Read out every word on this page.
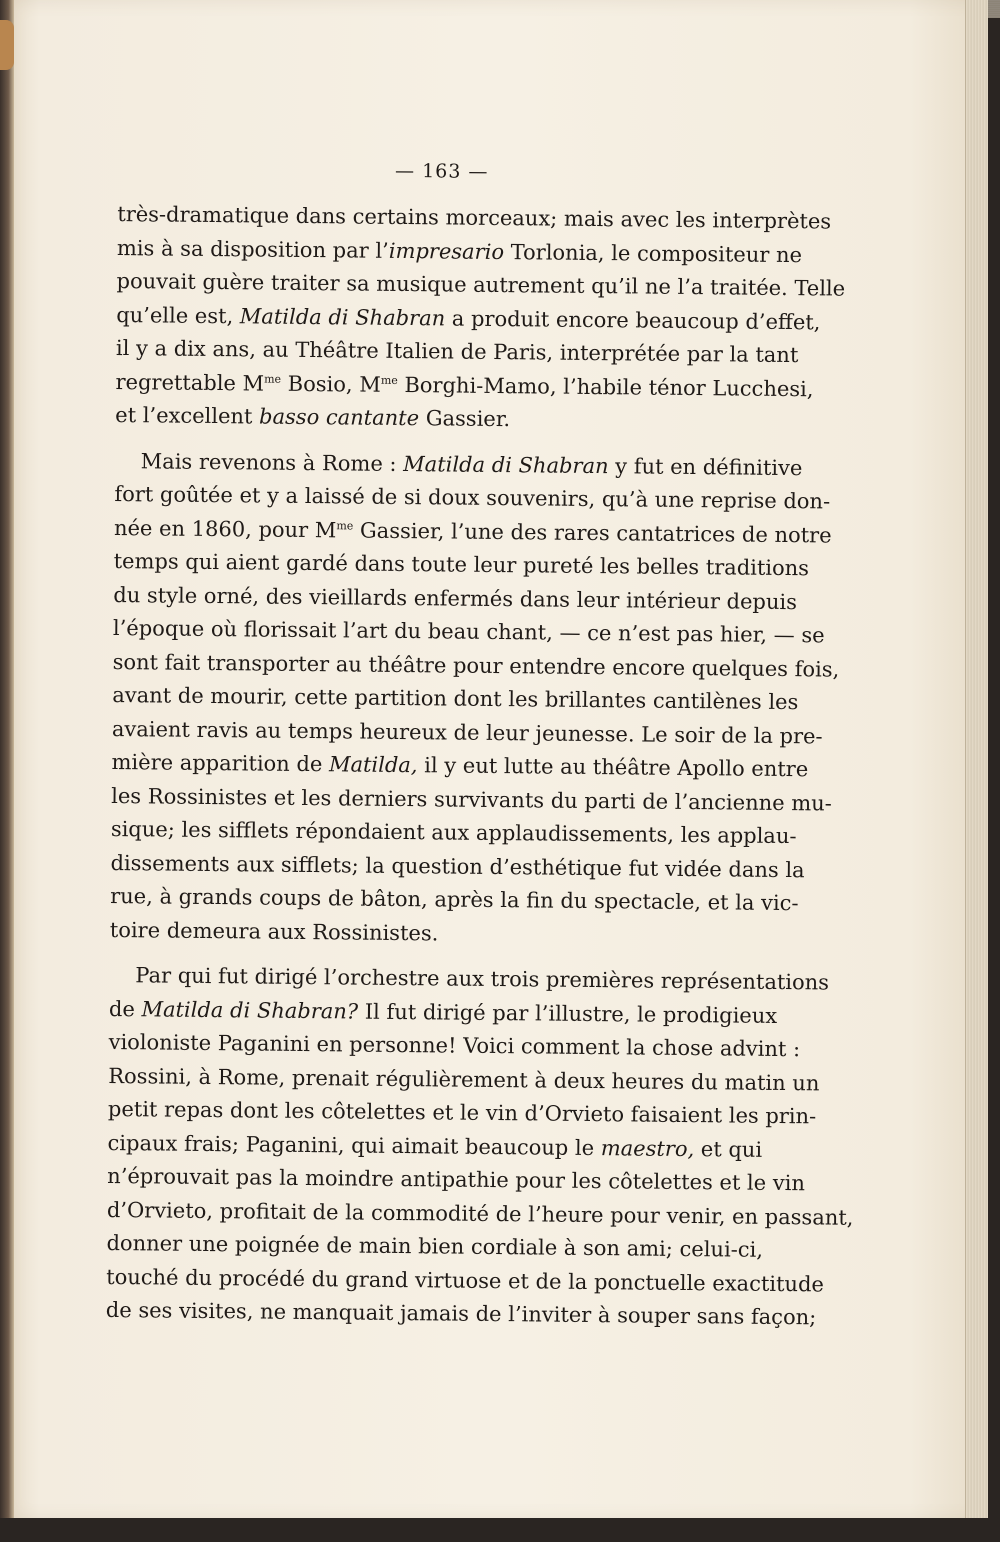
— 163 —
très-dramatique dans certains morceaux; mais avec les interprètes
mis à sa disposition par l’impresario Torlonia, le compositeur ne
pouvait guère traiter sa musique autrement qu’il ne l’a traitée. Telle
qu’elle est, Matilda di Shabran a produit encore beaucoup d’effet,
il y a dix ans, au Théâtre Italien de Paris, interprétée par la tant
regrettable $M^{me}$ Bosio, $M^{me}$ Borghi-Mamo, l’habile ténor Lucchesi,
et l’excellent basso cantante Gassier.
Mais revenons à Rome : Matilda di Shabran y fut en définitive
fort goûtée et y a laissé de si doux souvenirs, qu’à une reprise don-
née en 1860, pour $M^{me}$ Gassier, l’une des rares cantatrices de notre
temps qui aient gardé dans toute leur pureté les belles traditions
du style orné, des vieillards enfermés dans leur intérieur depuis
l’époque où florissait l’art du beau chant, — ce n’est pas hier, — se
sont fait transporter au théâtre pour entendre encore quelques fois,
avant de mourir, cette partition dont les brillantes cantilènes les
avaient ravis au temps heureux de leur jeunesse. Le soir de la pre-
mière apparition de Matilda, il y eut lutte au théâtre Apollo entre
les Rossinistes et les derniers survivants du parti de l’ancienne mu-
sique; les sifflets répondaient aux applaudissements, les applau-
dissements aux sifflets; la question d’esthétique fut vidée dans la
rue, à grands coups de bâton, après la fin du spectacle, et la vic-
toire demeura aux Rossinistes.
Par qui fut dirigé l’orchestre aux trois premières représentations
de Matilda di Shabran? Il fut dirigé par l’illustre, le prodigieux
violoniste Paganini en personne! Voici comment la chose advint :
Rossini, à Rome, prenait régulièrement à deux heures du matin un
petit repas dont les côtelettes et le vin d’Orvieto faisaient les prin-
cipaux frais; Paganini, qui aimait beaucoup le maestro, et qui
n’éprouvait pas la moindre antipathie pour les côtelettes et le vin
d’Orvieto, profitait de la commodité de l’heure pour venir, en passant,
donner une poignée de main bien cordiale à son ami; celui-ci,
touché du procédé du grand virtuose et de la ponctuelle exactitude
de ses visites, ne manquait jamais de l’inviter à souper sans façon;
